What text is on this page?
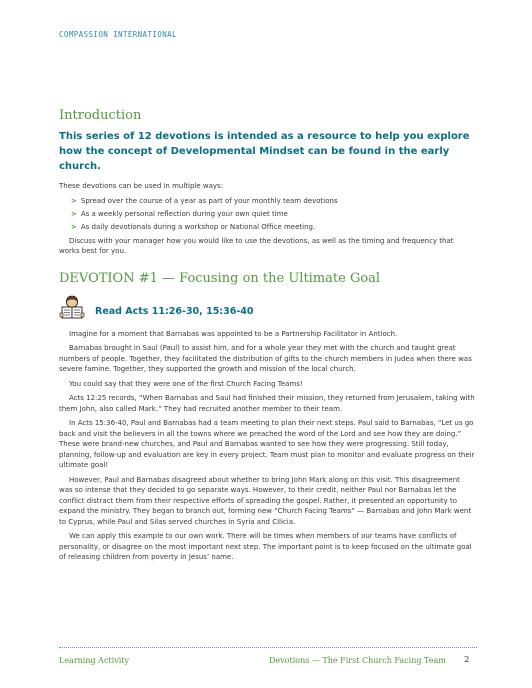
COMPASSION INTERNATIONAL
Introduction

This series of 12 devotions is intended as a resource to help you explore how the concept of Developmental Mindset can be found in the early church.

These devotions can be used in multiple ways:

> Spread over the course of a year as part of your monthly team devotions
> As a weekly personal reflection during your own quiet time
> As daily devotionals during a workshop or National Office meeting.

Discuss with your manager how you would like to use the devotions, as well as the timing and frequency that works best for you.

DEVOTION #1 — Focusing on the Ultimate Goal
Read Acts 11:26-30, 15:36-40

Imagine for a moment that Barnabas was appointed to be a Partnership Facilitator in Antioch.

Barnabas brought in Saul (Paul) to assist him, and for a whole year they met with the church and taught great numbers of people. Together, they facilitated the distribution of gifts to the church members in Judea when there was severe famine. Together, they supported the growth and mission of the local church.

You could say that they were one of the first Church Facing Teams!

Acts 12:25 records, “When Barnabas and Saul had finished their mission, they returned from Jerusalem, taking with them John, also called Mark.” They had recruited another member to their team.

In Acts 15:36-40, Paul and Barnabas had a team meeting to plan their next steps. Paul said to Barnabas, “Let us go back and visit the believers in all the towns where we preached the word of the Lord and see how they are doing.” These were brand-new churches, and Paul and Barnabas wanted to see how they were progressing. Still today, planning, follow-up and evaluation are key in every project. Team must plan to monitor and evaluate progress on their ultimate goal!

However, Paul and Barnabas disagreed about whether to bring John Mark along on this visit. This disagreement was so intense that they decided to go separate ways. However, to their credit, neither Paul nor Barnabas let the conflict distract them from their respective efforts of spreading the gospel. Rather, it presented an opportunity to expand the ministry. They began to branch out, forming new “Church Facing Teams” — Barnabas and John Mark went to Cyprus, while Paul and Silas served churches in Syria and Cilicia.

We can apply this example to our own work. There will be times when members of our teams have conflicts of personality, or disagree on the most important next step. The important point is to keep focused on the ultimate goal of releasing children from poverty in Jesus’ name.

Learning Activity	Devotions — The First Church Facing Team 2
